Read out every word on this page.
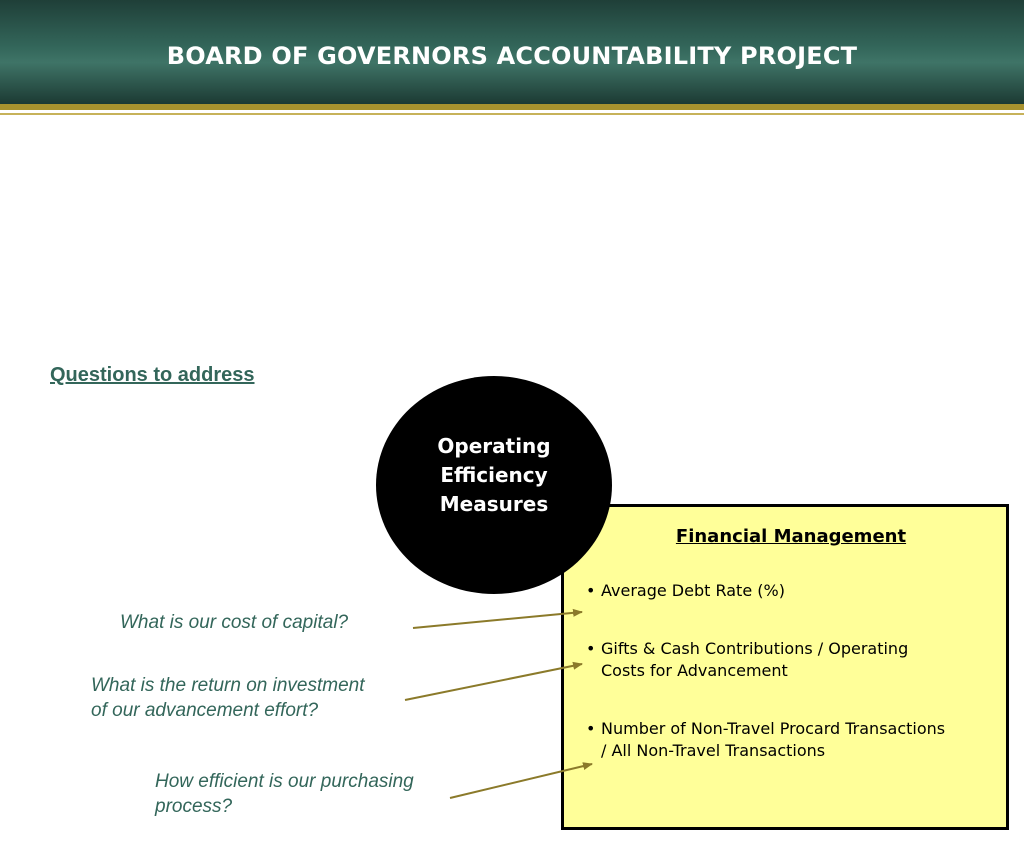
BOARD OF GOVERNORS ACCOUNTABILITY PROJECT
Questions to address
Operating
Efficiency
Measures
Financial Management
• Average Debt Rate (%)
• Gifts & Cash Contributions / Operating
Costs for Advancement
• Number of Non-Travel Procard Transactions
/ All Non-Travel Transactions
What is our cost of capital?
What is the return on investment
of our advancement effort?
How efficient is our purchasing
process?
